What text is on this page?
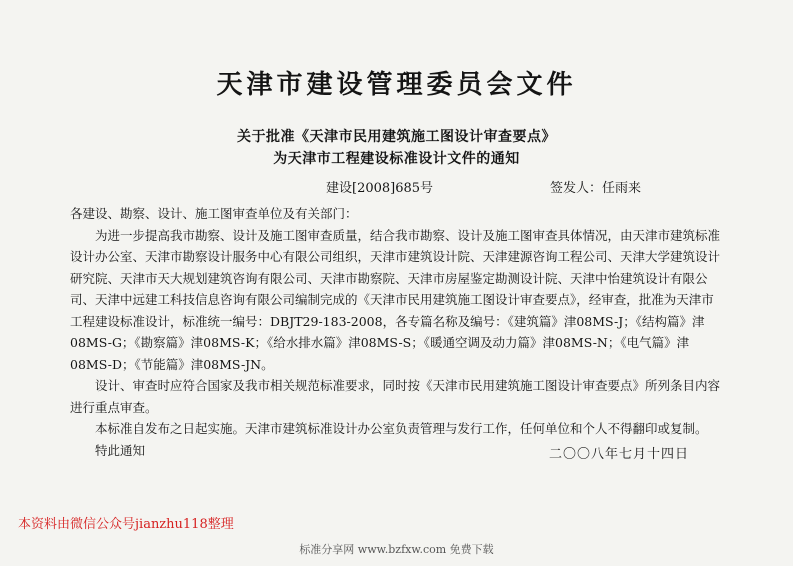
天津市建设管理委员会文件
关于批准《天津市民用建筑施工图设计审查要点》
为天津市工程建设标准设计文件的通知
建设[2008]685号	签发人：任雨来

各建设、勘察、设计、施工图审查单位及有关部门：

为进一步提高我市勘察、设计及施工图审查质量，结合我市勘察、设计及施工图审查具体情况，由天津市建筑标准设计办公室、天津市勘察设计服务中心有限公司组织，天津市建筑设计院、天津建源咨询工程公司、天津大学建筑设计研究院、天津市天大规划建筑咨询有限公司、天津市勘察院、天津市房屋鉴定勘测设计院、天津中怡建筑设计有限公司、天津中远建工科技信息咨询有限公司编制完成的《天津市民用建筑施工图设计审查要点》，经审查，批准为天津市工程建设标准设计，标准统一编号：DBJT29-183-2008，各专篇名称及编号：《建筑篇》津08MS-J；《结构篇》津08MS-G；《勘察篇》津08MS-K；《给水排水篇》津08MS-S；《暖通空调及动力篇》津08MS-N；《电气篇》津08MS-D；《节能篇》津08MS-JN。

设计、审查时应符合国家及我市相关规范标准要求，同时按《天津市民用建筑施工图设计审查要点》所列条目内容进行重点审查。

本标准自发布之日起实施。天津市建筑标准设计办公室负责管理与发行工作，任何单位和个人不得翻印或复制。

特此通知	二〇〇八年七月十四日
本资料由微信公众号jianzhu118整理
标准分享网 www.bzfxw.com 免费下载
